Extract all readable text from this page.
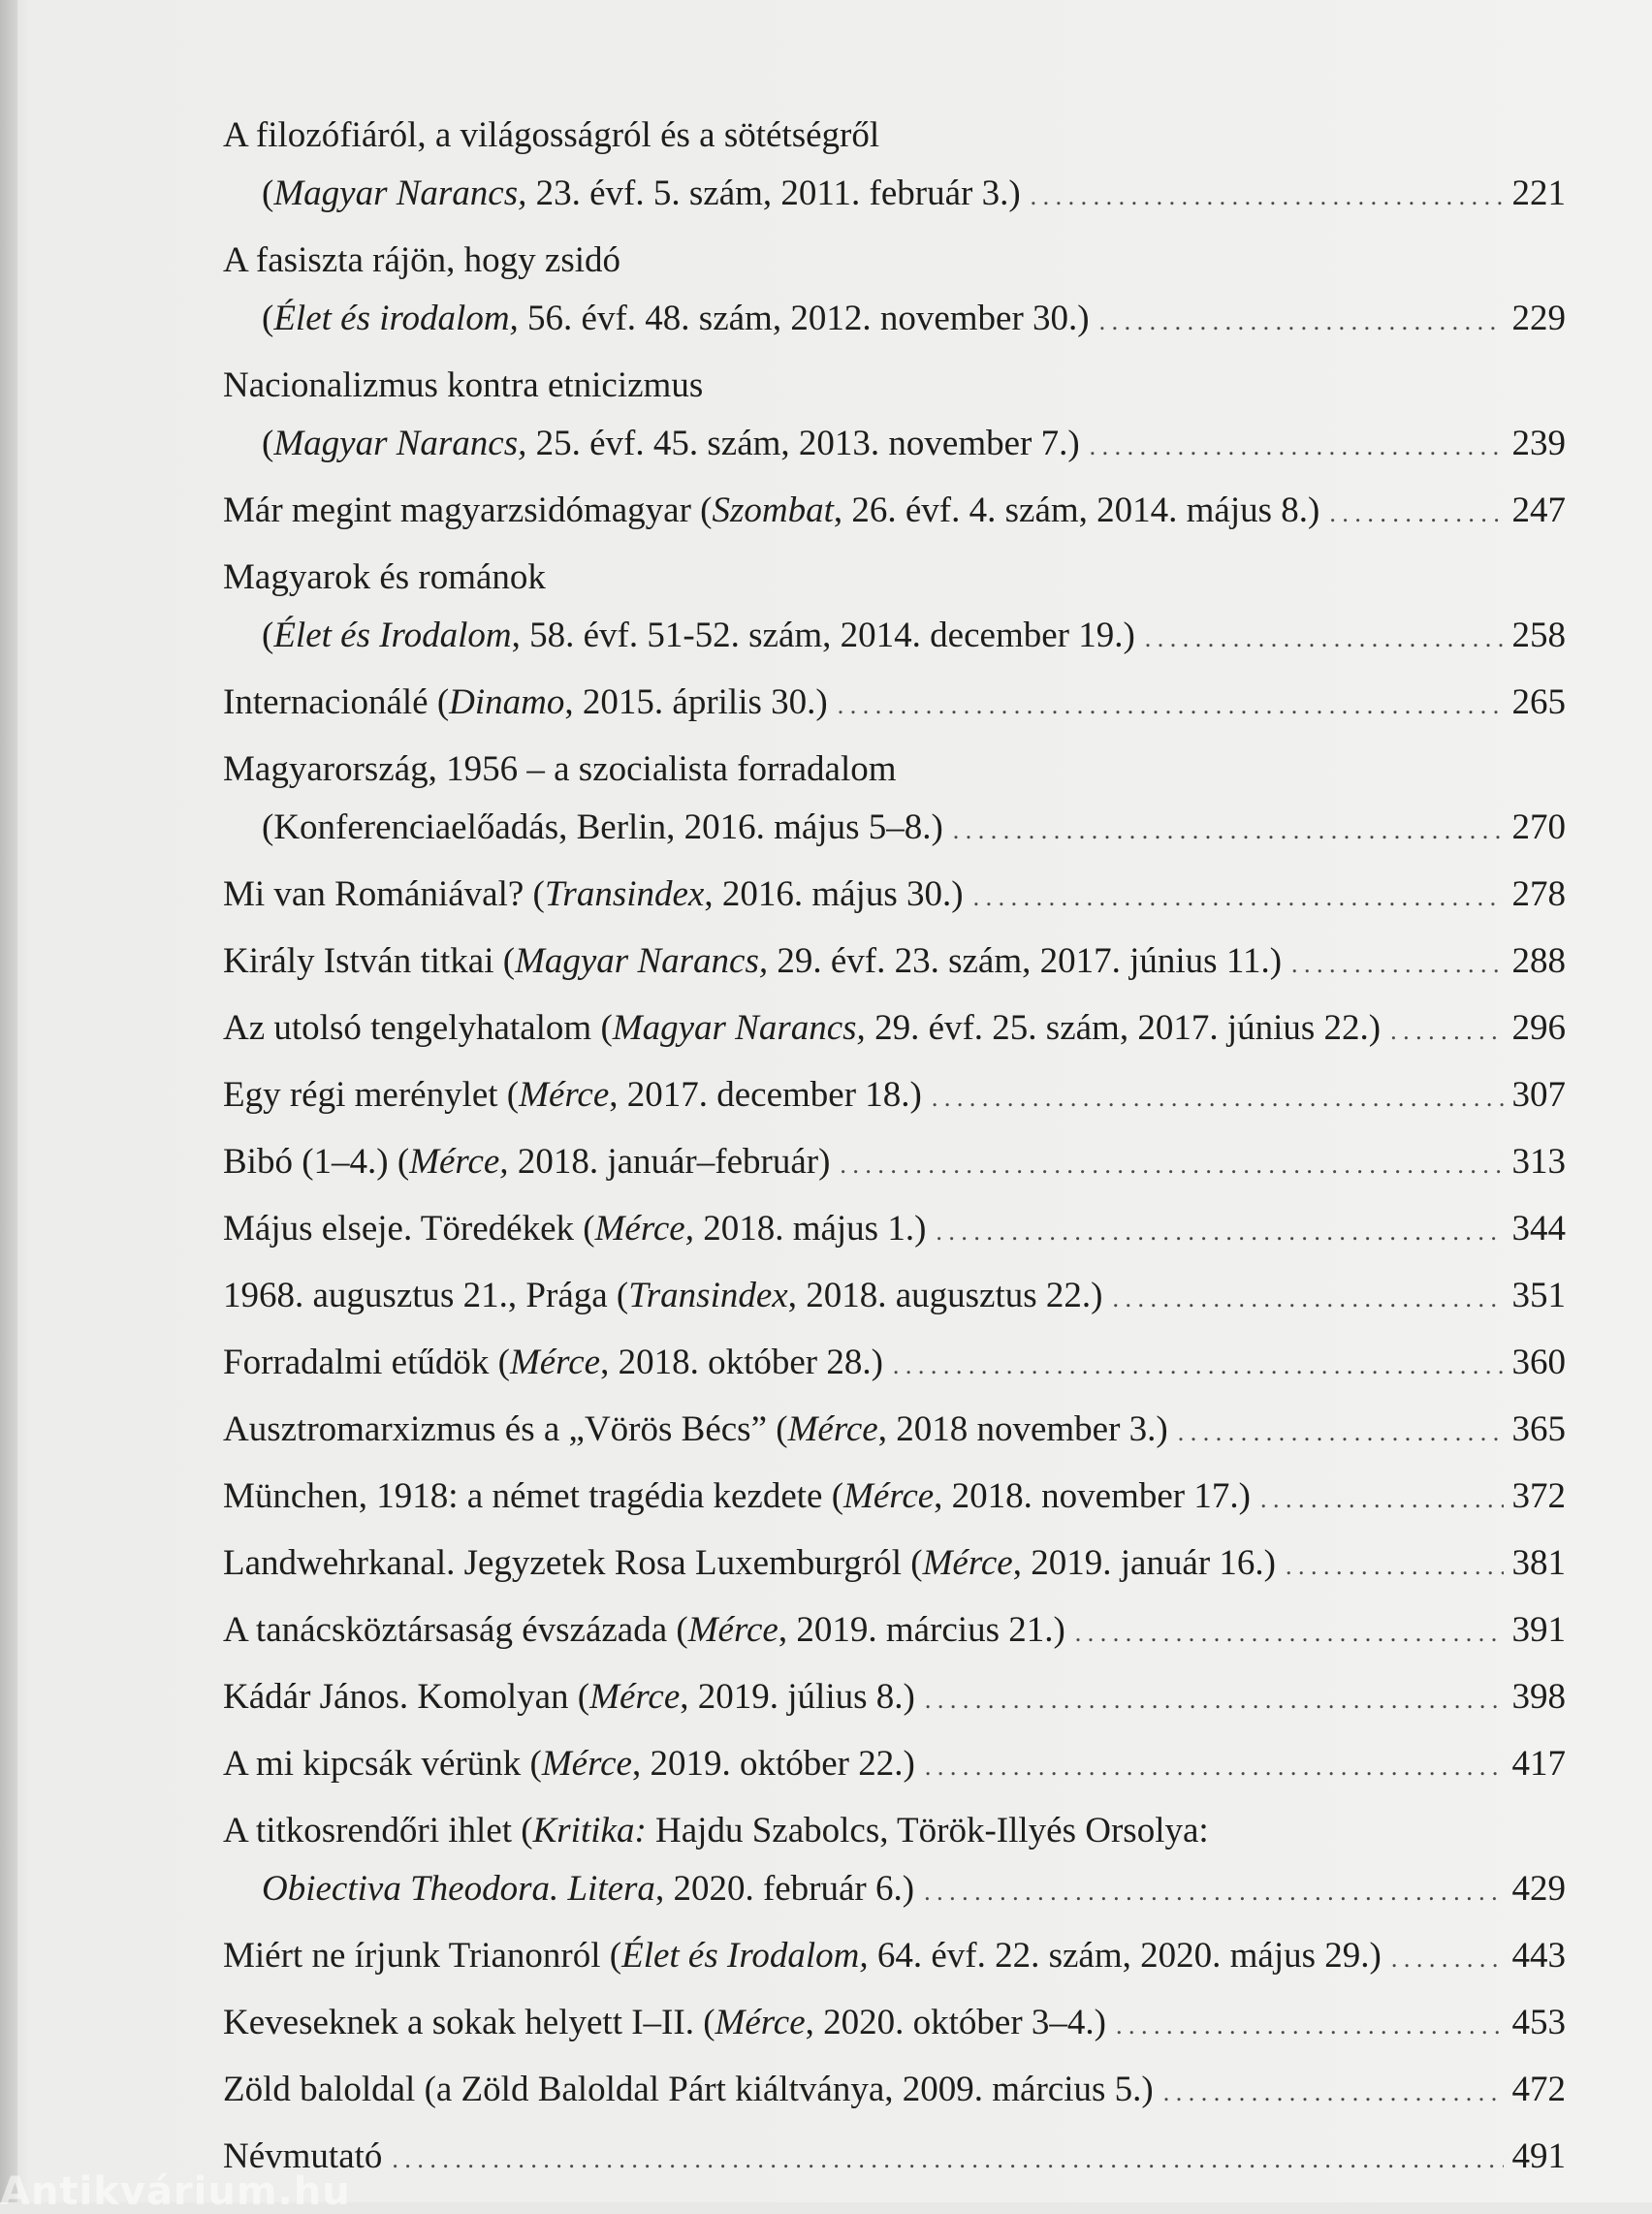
A filozófiáról, a világosságról és a sötétségről
(Magyar Narancs, 23. évf. 5. szám, 2011. február 3.) . . .	221
A fasiszta rájön, hogy zsidó
(Élet és irodalom, 56. évf. 48. szám, 2012. november 30.) . . .	229
Nacionalizmus kontra etnicizmus
(Magyar Narancs, 25. évf. 45. szám, 2013. november 7.) . . .	239
Már megint magyarzsidómagyar (Szombat, 26. évf. 4. szám, 2014. május 8.) . . .	247
Magyarok és románok
(Élet és Irodalom, 58. évf. 51-52. szám, 2014. december 19.) . . .	258
Internacionálé (Dinamo, 2015. április 30.) . . .	265
Magyarország, 1956 – a szocialista forradalom
(Konferenciaelőadás, Berlin, 2016. május 5–8.) . . .	270
Mi van Romániával? (Transindex, 2016. május 30.) . . .	278
Király István titkai (Magyar Narancs, 29. évf. 23. szám, 2017. június 11.) . . .	288
Az utolsó tengelyhatalom (Magyar Narancs, 29. évf. 25. szám, 2017. június 22.) . . .	296
Egy régi merénylet (Mérce, 2017. december 18.) . . .	307
Bibó (1–4.) (Mérce, 2018. január–február) . . .	313
Május elseje. Töredékek (Mérce, 2018. május 1.) . . .	344
1968. augusztus 21., Prága (Transindex, 2018. augusztus 22.) . . .	351
Forradalmi etűdök (Mérce, 2018. október 28.) . . .	360
Ausztromarxizmus és a „Vörös Bécs” (Mérce, 2018 november 3.) . . .	365
München, 1918: a német tragédia kezdete (Mérce, 2018. november 17.) . . .	372
Landwehrkanal. Jegyzetek Rosa Luxemburgról (Mérce, 2019. január 16.) . . .	381
A tanácsköztársaság évszázada (Mérce, 2019. március 21.) . . .	391
Kádár János. Komolyan (Mérce, 2019. július 8.) . . .	398
A mi kipcsák vérünk (Mérce, 2019. október 22.) . . .	417
A titkosrendőri ihlet (Kritika: Hajdu Szabolcs, Török-Illyés Orsolya:
Obiectiva Theodora. Litera, 2020. február 6.) . . .	429
Miért ne írjunk Trianonról (Élet és Irodalom, 64. évf. 22. szám, 2020. május 29.) . . .	443
Keveseknek a sokak helyett I–II. (Mérce, 2020. október 3–4.) . . .	453
Zöld baloldal (a Zöld Baloldal Párt kiáltványa, 2009. március 5.) . . .	472
Névmutató . . .	491
Antikvárium.hu
